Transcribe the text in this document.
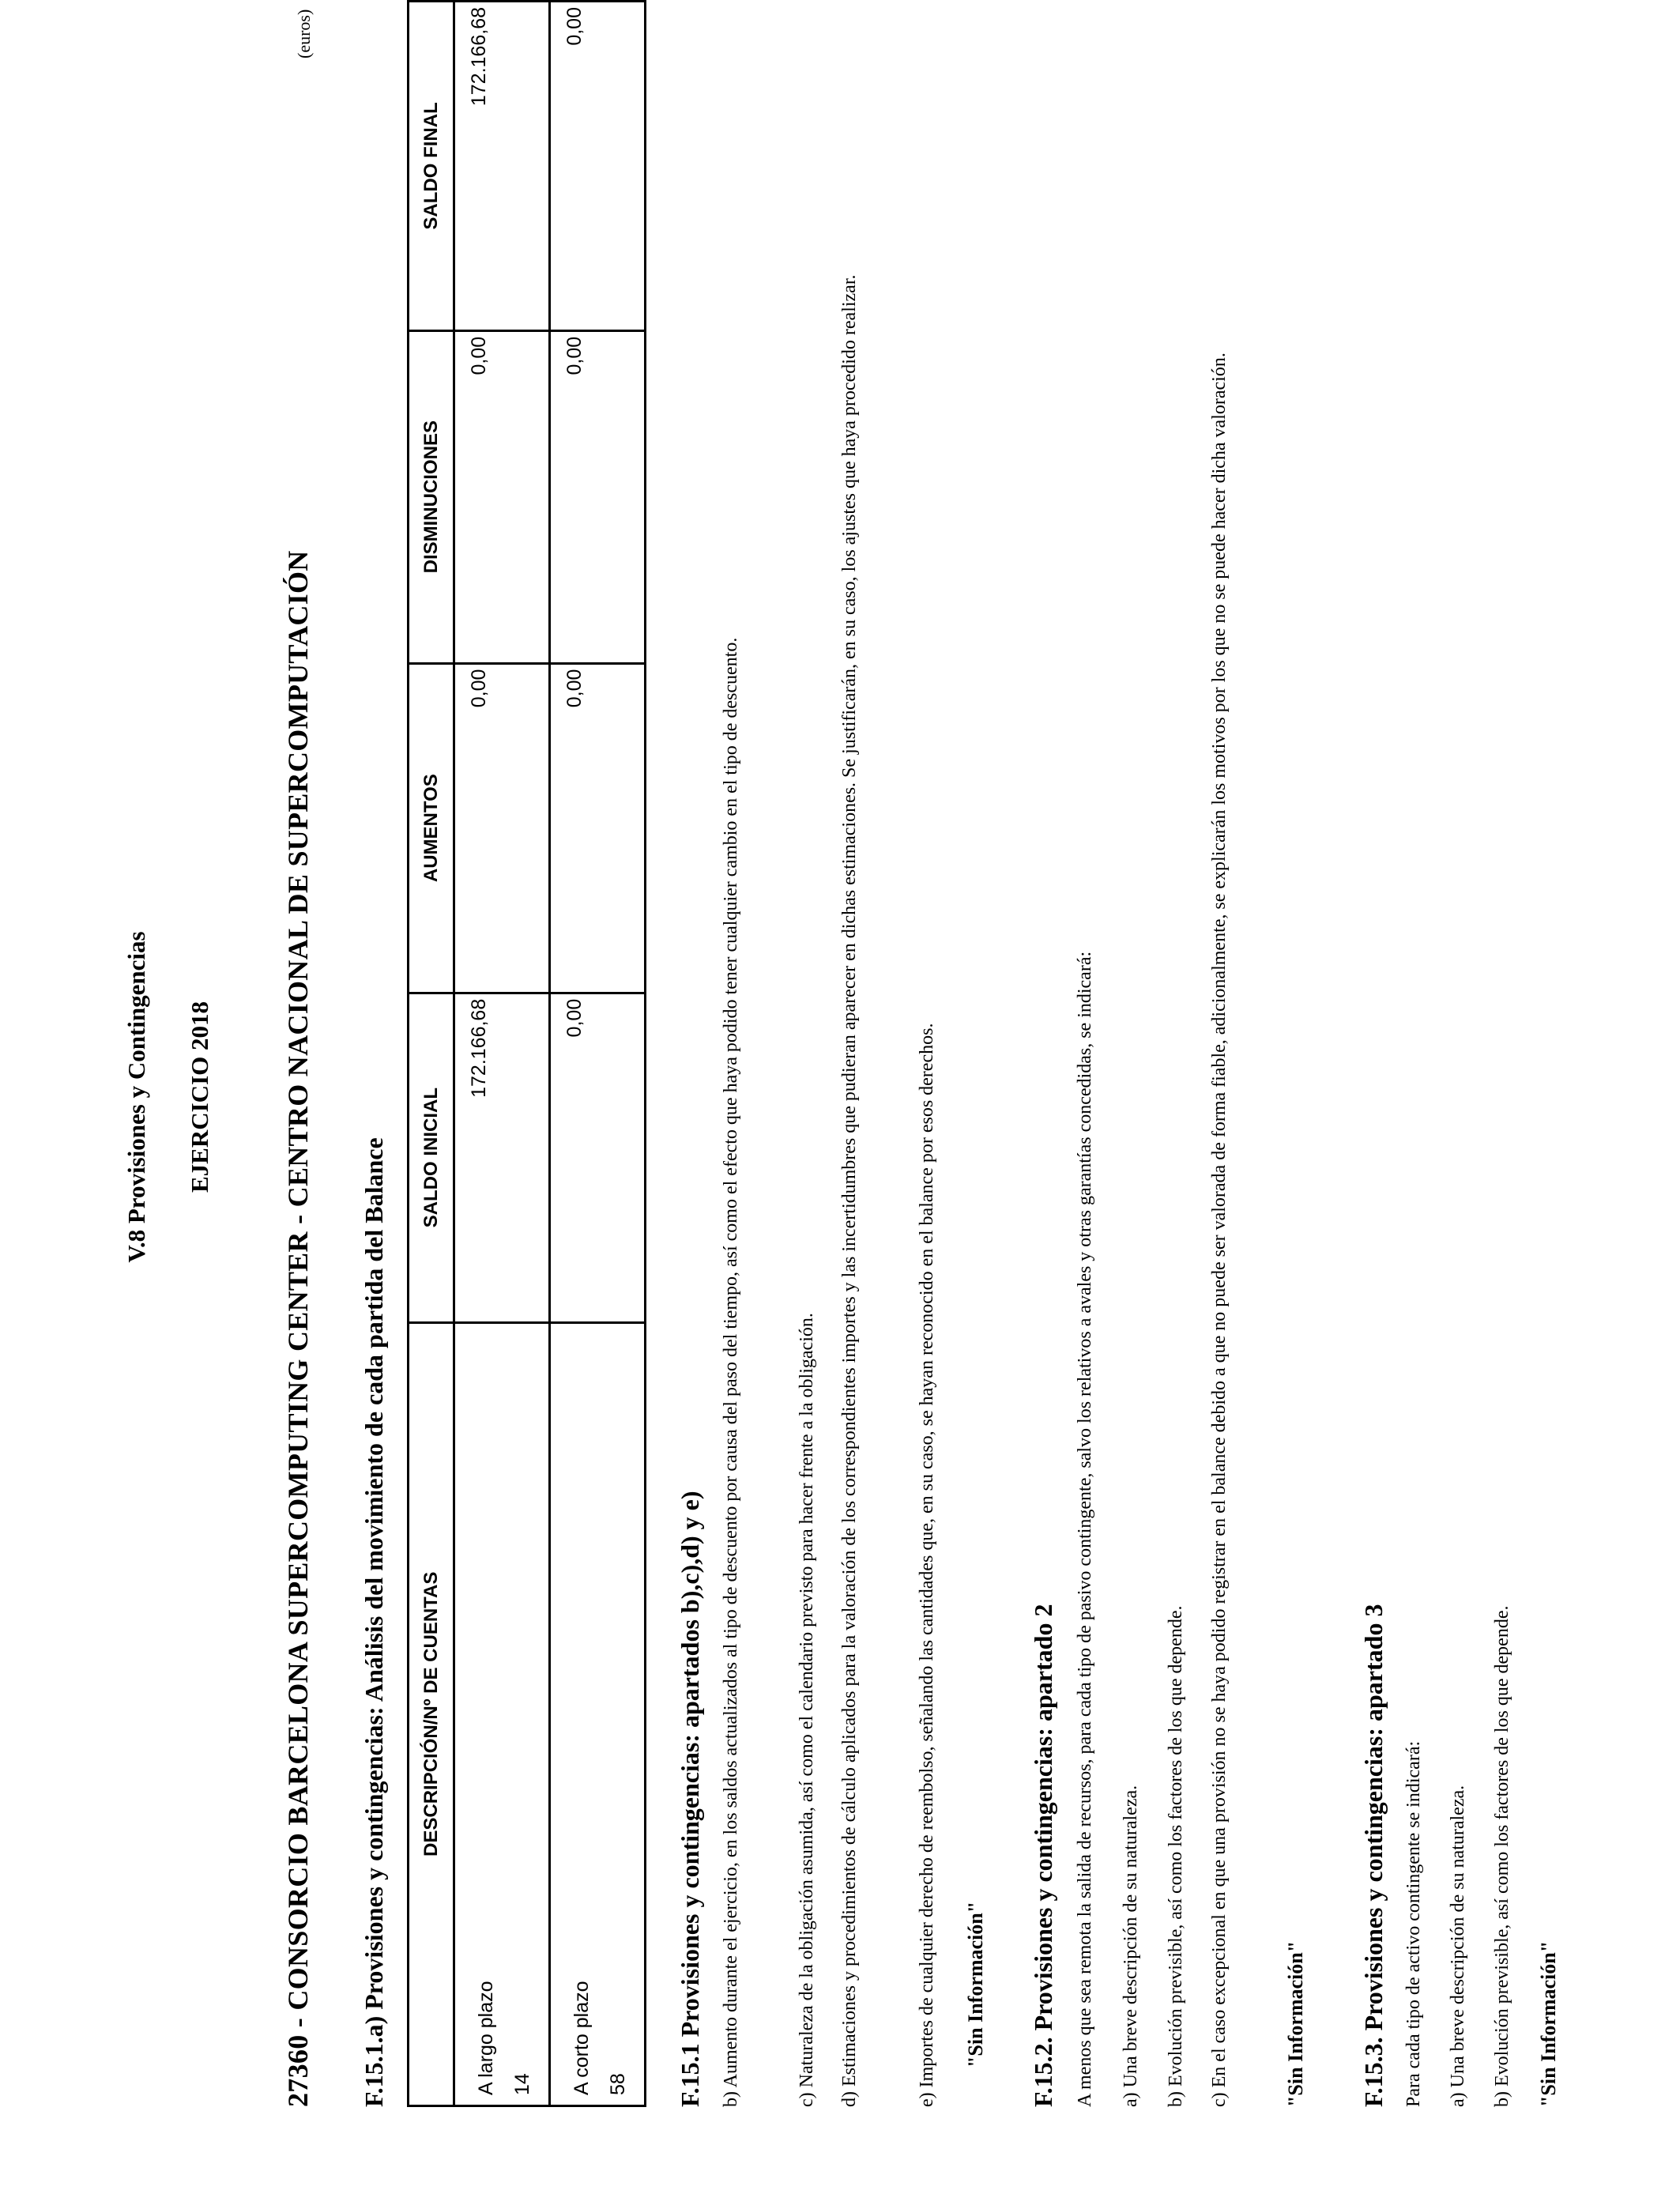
V.8 Provisiones y Contingencias EJERCICIO 2018 27360 - CONSORCIO BARCELONA SUPERCOMPUTING CENTER - CENTRO NACIONAL DE SUPERCOMPUTACIÓN
(euros)
F.15.1.a) Provisiones y contingencias: Análisis del movimiento de cada partida del Balance DESCRIPCIÓN/Nº DE CUENTAS	SALDO INICIAL	AUMENTOS	DISMINUCIONES	SALDO FINAL

A largo plazo 14	172.166,68	0,00	0,00	172.166,68

A corto plazo 58	0,00	0,00	0,00	0,00
F.15.1 Provisiones y contingencias: apartados b),c),d) y e) b) Aumento durante el ejercicio, en los saldos actualizados al tipo de descuento por causa del paso del tiempo, así como el efecto que haya podido tener cualquier cambio en el tipo de descuento.	c) Naturaleza de la obligación asumida, así como el calendario previsto para hacer frente a la obligación. d) Estimaciones y procedimientos de cálculo aplicados para la valoración de los correspondientes importes y las incertidumbres que pudieran aparecer en dichas estimaciones. Se justificarán, en su caso, los ajustes que haya procedido realizar.	e) Importes de cualquier derecho de reembolso, señalando las cantidades que, en su caso, se hayan reconocido en el balance por esos derechos. "Sin Información" F.15.2. Provisiones y contingencias: apartado 2 A menos que sea remota la salida de recursos, para cada tipo de pasivo contingente, salvo los relativos a avales y otras garantías concedidas, se indicará: a) Una breve descripción de su naturaleza. b) Evolución previsible, así como los factores de los que depende. c) En el caso excepcional en que una provisión no se haya podido registrar en el balance debido a que no puede ser valorada de forma fiable, adicionalmente, se explicarán los motivos por los que no se puede hacer dicha valoración.	"Sin Información" F.15.3. Provisiones y contingencias: apartado 3 Para cada tipo de activo contingente se indicará: a) Una breve descripción de su naturaleza. b) Evolución previsible, así como los factores de los que depende. "Sin Información"
